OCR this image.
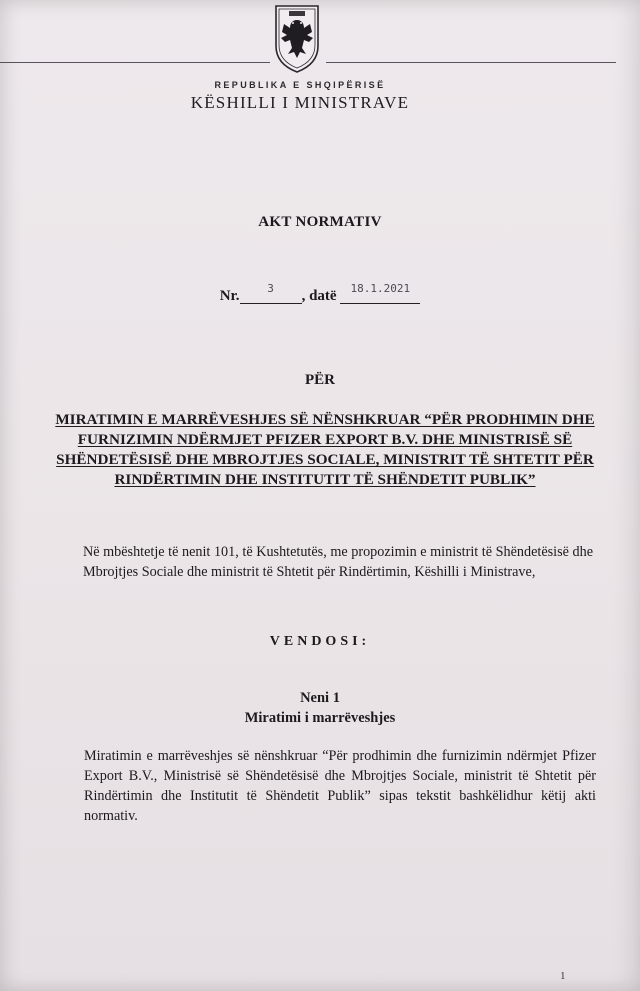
REPUBLIKA E SHQIPËRISË
KËSHILLI I MINISTRAVE
AKT NORMATIV
Nr.	3 , datë 18.1.2021
PËR
MIRATIMIN E MARRËVESHJES SË NËNSHKRUAR “PËR PRODHIMIN DHE FURNIZIMIN NDËRMJET PFIZER EXPORT B.V. DHE MINISTRISË SË SHËNDETËSISË DHE MBROJTJES SOCIALE, MINISTRIT TË SHTETIT PËR RINDËRTIMIN DHE INSTITUTIT TË SHËNDETIT PUBLIK”
Në mbështetje të nenit 101, të Kushtetutës, me propozimin e ministrit të Shëndetësisë dhe Mbrojtjes Sociale dhe ministrit të Shtetit për Rindërtimin, Këshilli i Ministrave,
VENDOSI:
Neni 1
Miratimi i marrëveshjes
Miratimin e marrëveshjes së nënshkruar “Për prodhimin dhe furnizimin ndërmjet Pfizer Export B.V., Ministrisë së Shëndetësisë dhe Mbrojtjes Sociale, ministrit të Shtetit për Rindërtimin dhe Institutit të Shëndetit Publik” sipas tekstit bashkëlidhur këtij akti normativ.
1
